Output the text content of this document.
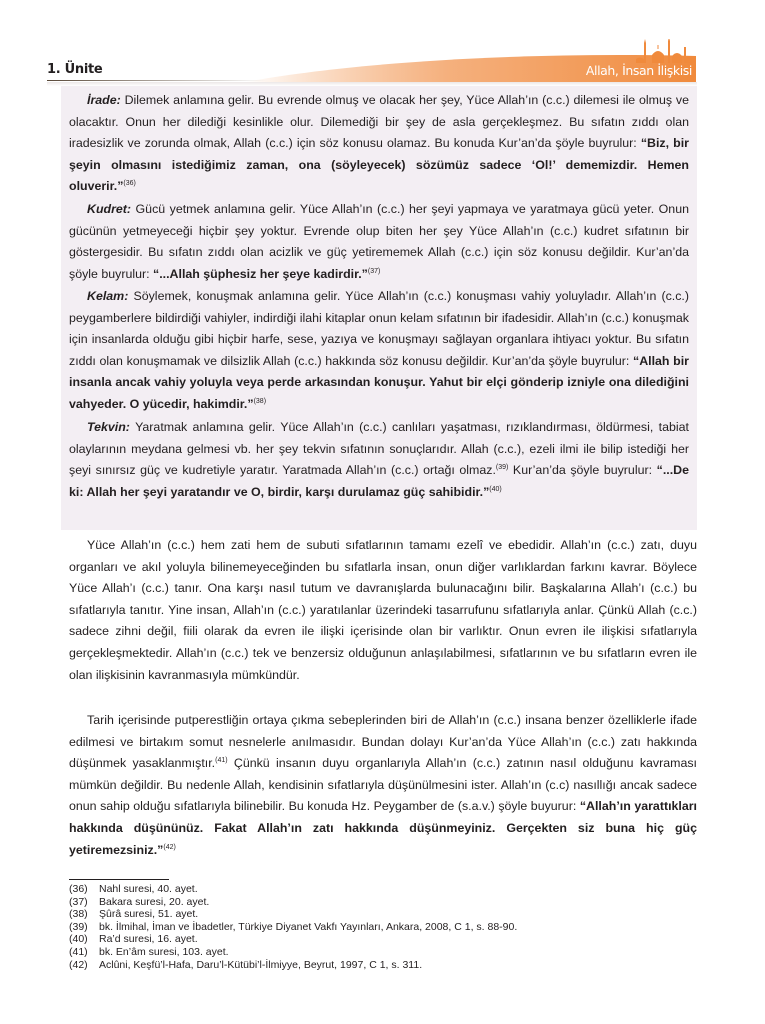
1. Ünite	Allah, İnsan İlişkisi

İrade: Dilemek anlamına gelir. Bu evrende olmuş ve olacak her şey, Yüce Allah’ın (c.c.) dilemesi ile olmuş ve olacaktır. Onun her dilediği kesinlikle olur. Dilemediği bir şey de asla gerçekleşmez. Bu sıfatın zıddı olan iradesizlik ve zorunda olmak, Allah (c.c.) için söz konusu olamaz. Bu konuda Kur’an’da şöyle buyrulur: “Biz, bir şeyin olmasını istediğimiz zaman, ona (söyleyecek) sözümüz sadece ‘Ol!’ dememizdir. Hemen oluverir.”$^{(36)}$

Kudret: Gücü yetmek anlamına gelir. Yüce Allah’ın (c.c.) her şeyi yapmaya ve yaratmaya gücü yeter. Onun gücünün yetmeyeceği hiçbir şey yoktur. Evrende olup biten her şey Yüce Allah’ın (c.c.) kudret sıfatının bir göstergesidir. Bu sıfatın zıddı olan acizlik ve güç yetirememek Allah (c.c.) için söz konusu değildir. Kur’an’da şöyle buyrulur: “...Allah şüphesiz her şeye kadirdir.”$^{(37)}$

Kelam: Söylemek, konuşmak anlamına gelir. Yüce Allah’ın (c.c.) konuşması vahiy yoluyladır. Allah’ın (c.c.) peygamberlere bildirdiği vahiyler, indirdiği ilahi kitaplar onun kelam sıfatının bir ifadesidir. Allah’ın (c.c.) konuşmak için insanlarda olduğu gibi hiçbir harfe, sese, yazıya ve konuşmayı sağlayan organlara ihtiyacı yoktur. Bu sıfatın zıddı olan konuşmamak ve dilsizlik Allah (c.c.) hakkında söz konusu değildir. Kur’an’da şöyle buyrulur: “Allah bir insanla ancak vahiy yoluyla veya perde arkasından konuşur. Yahut bir elçi gönderip izniyle ona dilediğini vahyeder. O yücedir, hakimdir.”$^{(38)}$

Tekvin: Yaratmak anlamına gelir. Yüce Allah’ın (c.c.) canlıları yaşatması, rızıklandırması, öldürmesi, tabiat olaylarının meydana gelmesi vb. her şey tekvin sıfatının sonuçlarıdır. Allah (c.c.), ezeli ilmi ile bilip istediği her şeyi sınırsız güç ve kudretiyle yaratır. Yaratmada Allah’ın (c.c.) ortağı olmaz.$^{(39)}$ Kur’an’da şöyle buyrulur: “...De ki: Allah her şeyi yaratandır ve O, birdir, karşı durulamaz güç sahibidir.”$^{(40)}$

Yüce Allah’ın (c.c.) hem zati hem de subuti sıfatlarının tamamı ezelî ve ebedidir. Allah’ın (c.c.) zatı, duyu organları ve akıl yoluyla bilinemeyeceğinden bu sıfatlarla insan, onun diğer varlıklardan farkını kavrar. Böylece Yüce Allah’ı (c.c.) tanır. Ona karşı nasıl tutum ve davranışlarda bulunacağını bilir. Başkalarına Allah’ı (c.c.) bu sıfatlarıyla tanıtır. Yine insan, Allah’ın (c.c.) yaratılanlar üzerindeki tasarrufunu sıfatlarıyla anlar. Çünkü Allah (c.c.) sadece zihni değil, fiili olarak da evren ile ilişki içerisinde olan bir varlıktır. Onun evren ile ilişkisi sıfatlarıyla gerçekleşmektedir. Allah’ın (c.c.) tek ve benzersiz olduğunun anlaşılabilmesi, sıfatlarının ve bu sıfatların evren ile olan ilişkisinin kavranmasıyla mümkündür.

Tarih içerisinde putperestliğin ortaya çıkma sebeplerinden biri de Allah’ın (c.c.) insana benzer özelliklerle ifade edilmesi ve birtakım somut nesnelerle anılmasıdır. Bundan dolayı Kur’an’da Yüce Allah’ın (c.c.) zatı hakkında düşünmek yasaklanmıştır.$^{(41)}$ Çünkü insanın duyu organlarıyla Allah’ın (c.c.) zatının nasıl olduğunu kavraması mümkün değildir. Bu nedenle Allah, kendisinin sıfatlarıyla düşünülmesini ister. Allah’ın (c.c) nasıllığı ancak sadece onun sahip olduğu sıfatlarıyla bilinebilir. Bu konuda Hz. Peygamber de (s.a.v.) şöyle buyurur: “Allah’ın yarattıkları hakkında düşününüz. Fakat Allah’ın zatı hakkında düşünmeyiniz. Gerçekten siz buna hiç güç yetiremezsiniz.”$^{(42)}$

(36)	Nahl suresi, 40. ayet.
(37)	Bakara suresi, 20. ayet.
(38)	Şûrâ suresi, 51. ayet.
(39)	bk. İlmihal, İman ve İbadetler, Türkiye Diyanet Vakfı Yayınları, Ankara, 2008, C 1, s. 88-90.
(40)	Ra’d suresi, 16. ayet.
(41)	bk. En’âm suresi, 103. ayet.
(42)	Aclûni, Keşfü’l-Hafa, Daru’l-Kütübi’l-İlmiyye, Beyrut, 1997, C 1, s. 311.
